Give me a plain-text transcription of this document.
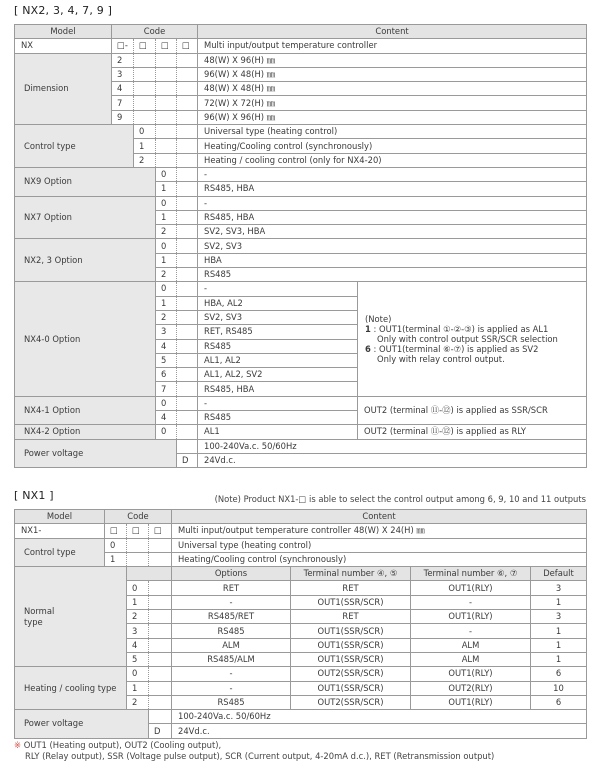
[ NX2, 3, 4, 7, 9 ]
Model	Code				Content	
NX	□-	□	□	□	Multi input/output temperature controller	
Dimension	2				48(W) X 96(H) ㎜	
	3				96(W) X 48(H) ㎜	
	4				48(W) X 48(H) ㎜	
	7				72(W) X 72(H) ㎜	
	9				96(W) X 96(H) ㎜	
Control type		0			Universal type (heating control)	
		1			Heating/Cooling control (synchronously)	
		2			Heating / cooling control (only for NX4-20)	
NX9 Option			0		-	
			1		RS485, HBA	
NX7 Option			0		-	
			1		RS485, HBA	
			2		SV2, SV3, HBA	
NX2, 3 Option			0		SV2, SV3	
			1		HBA	
			2		RS485	
NX4-0 Option			0		-	(Note)
1 : OUT1(terminal ①-②-③) is applied as AL1
Only with control output SSR/SCR selection
6 : OUT1(terminal ⑥-⑦) is applied as SV2
Only with relay control output.

			1		HBA, AL2	
			2		SV2, SV3	
			3		RET, RS485	
			4		RS485	
			5		AL1, AL2	
			6		AL1, AL2, SV2	
			7		RS485, HBA	
NX4-1 Option			0		-	OUT2 (terminal ⑪-⑫) is applied as SSR/SCR
			4		RS485	
NX4-2 Option			0		AL1	OUT2 (terminal ⑪-⑫) is applied as RLY
Power voltage					100-240Va.c. 50/60Hz	
				D	24Vd.c.	
[ NX1 ]	(Note) Product NX1-□ is able to select the control output among 6, 9, 10 and 11 outputs
Model	Code			Content			
NX1-	□	□	□	Multi input/output temperature controller 48(W) X 24(H) ㎜			
Control type	0			Universal type (heating control)			
	1			Heating/Cooling control (synchronously)			

Normal
type				Options	Terminal number ④, ⑤	Terminal number ⑥, ⑦	Default
		0		RET	RET	OUT1(RLY)	3
		1		-	OUT1(SSR/SCR)	-	1
		2		RS485/RET	RET	OUT1(RLY)	3
		3		RS485	OUT1(SSR/SCR)	-	1
		4		ALM	OUT1(SSR/SCR)	ALM	1
		5		RS485/ALM	OUT1(SSR/SCR)	ALM	1
Heating / cooling type		0		-	OUT2(SSR/SCR)	OUT1(RLY)	6
		1		-	OUT1(SSR/SCR)	OUT2(RLY)	10
		2		RS485	OUT2(SSR/SCR)	OUT1(RLY)	6
Power voltage				100-240Va.c. 50/60Hz			
			D	24Vd.c.			
※ OUT1 (Heating output), OUT2 (Cooling output),
RLY (Relay output), SSR (Voltage pulse output), SCR (Current output, 4-20mA d.c.), RET (Retransmission output)
